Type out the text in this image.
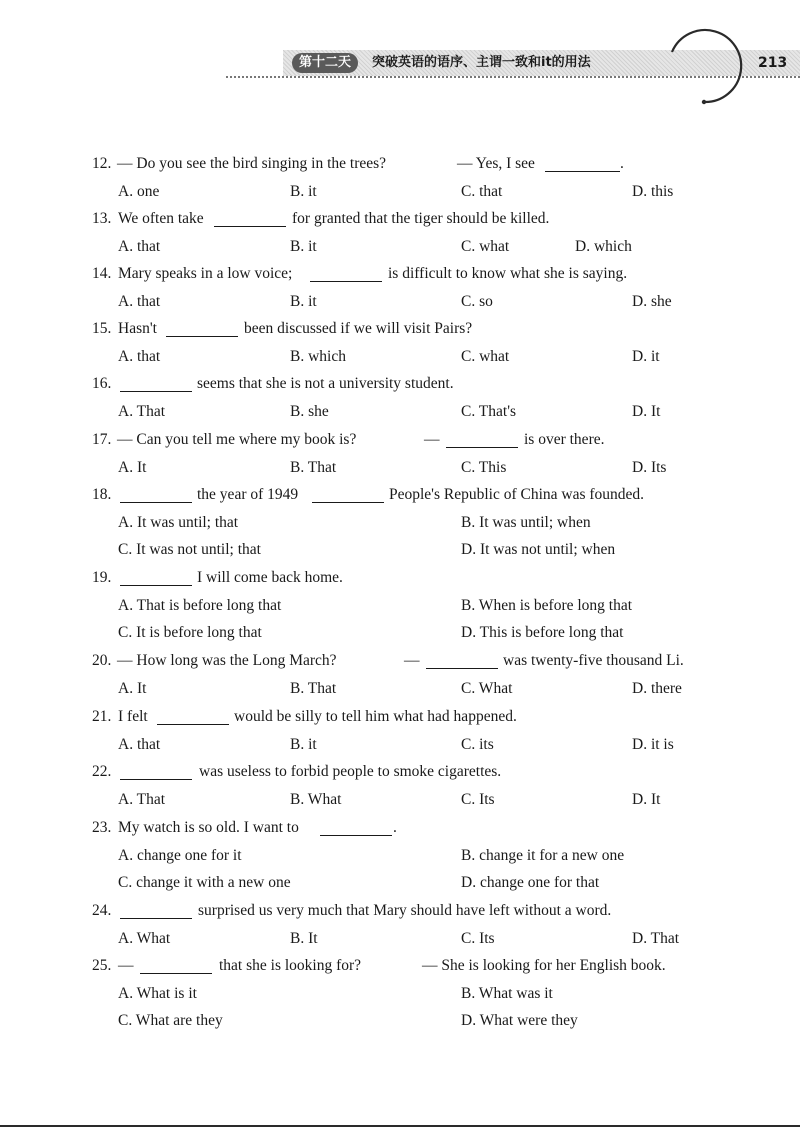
第十二天	突破英语的语序、主谓一致和it的用法	213
12. — Do you see the bird singing in the trees?	— Yes, I see	.
A. one	B. it	C. that	D. this
13. We often take	for granted that the tiger should be killed.
A. that	B. it	C. what	D. which
14. Mary speaks in a low voice;	is difficult to know what she is saying.
A. that	B. it	C. so	D. she
15. Hasn't	been discussed if we will visit Pairs?
A. that	B. which	C. what	D. it
16.	seems that she is not a university student.
A. That	B. she	C. That's	D. It
17. — Can you tell me where my book is?	—	is over there.
A. It	B. That	C. This	D. Its
18.	the year of 1949	People's Republic of China was founded.
A. It was until; that	B. It was until; when
C. It was not until; that	D. It was not until; when
19.	I will come back home.
A. That is before long that	B. When is before long that
C. It is before long that	D. This is before long that
20. — How long was the Long March?	—	was twenty-five thousand Li.
A. It	B. That	C. What	D. there
21. I felt	would be silly to tell him what had happened.
A. that	B. it	C. its	D. it is
22.	was useless to forbid people to smoke cigarettes.
A. That	B. What	C. Its	D. It
23. My watch is so old. I want to	.
A. change one for it	B. change it for a new one
C. change it with a new one	D. change one for that
24.	surprised us very much that Mary should have left without a word.
A. What	B. It	C. Its	D. That
25. —	that she is looking for?	— She is looking for her English book.
A. What is it	B. What was it
C. What are they	D. What were they
